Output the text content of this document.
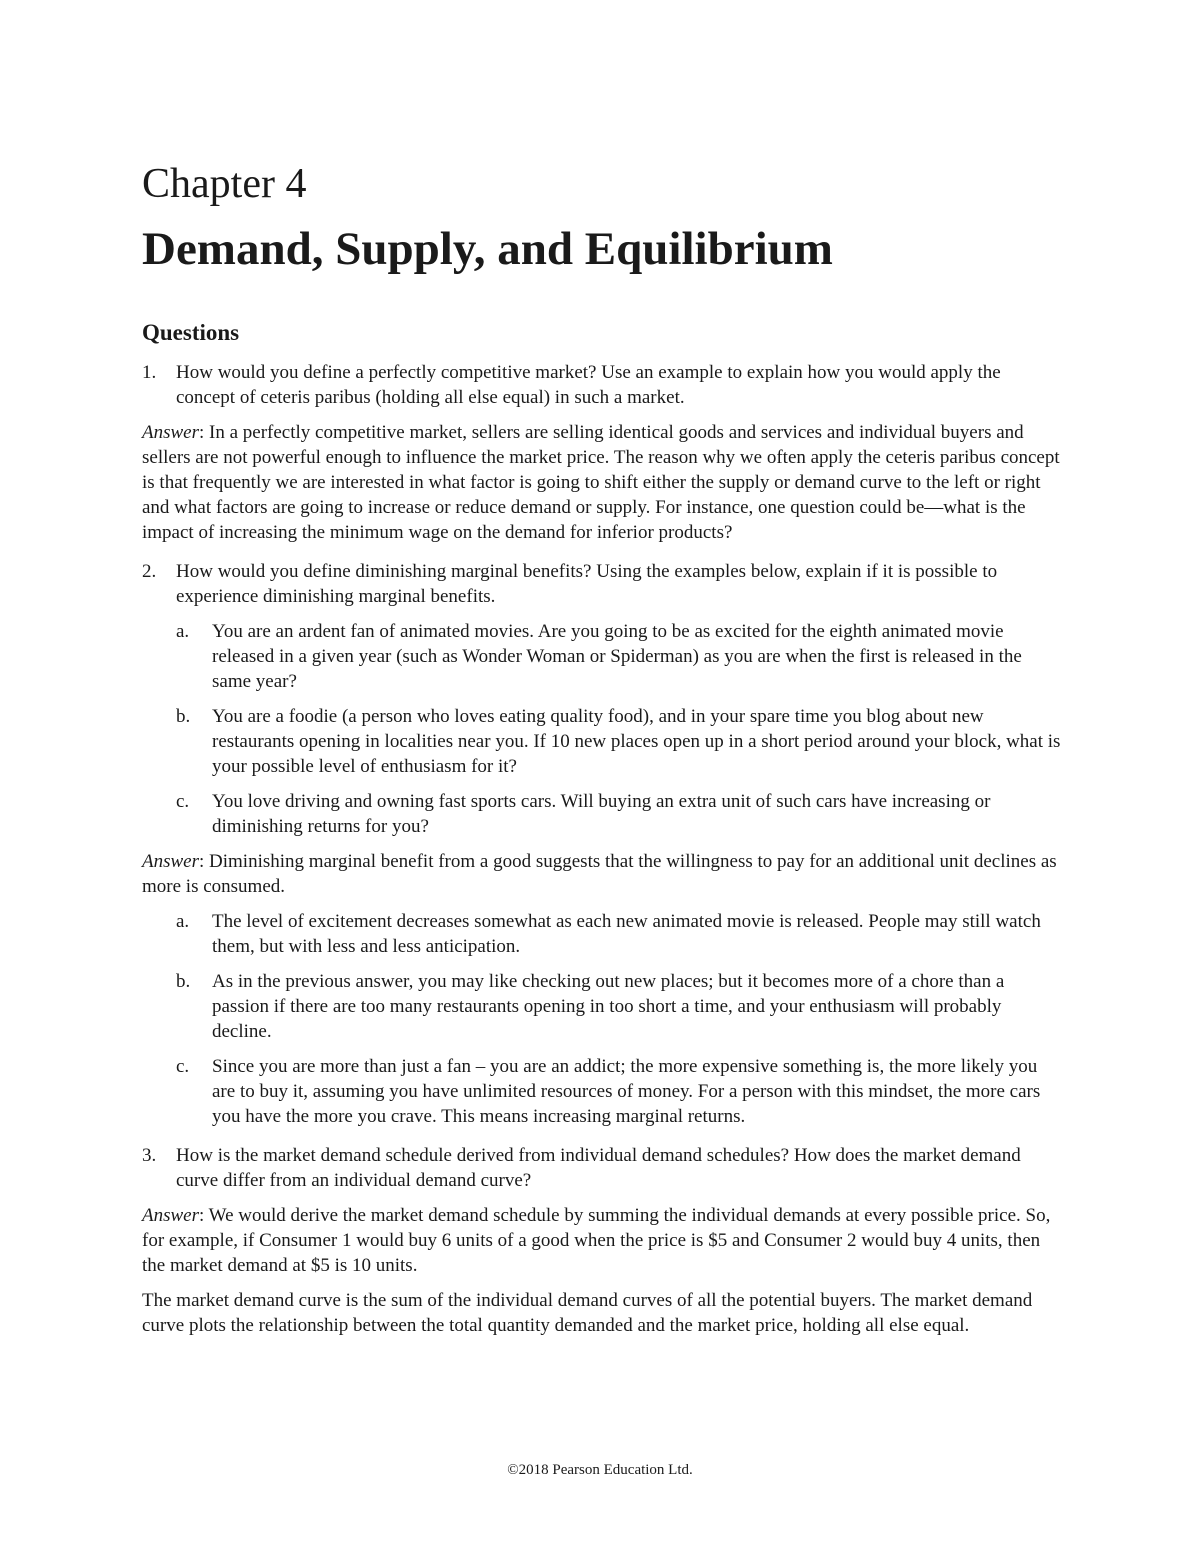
Chapter 4
Demand, Supply, and Equilibrium
Questions
1.	How would you define a perfectly competitive market? Use an example to explain how you would apply the concept of ceteris paribus (holding all else equal) in such a market.
Answer: In a perfectly competitive market, sellers are selling identical goods and services and individual buyers and sellers are not powerful enough to influence the market price. The reason why we often apply the ceteris paribus concept is that frequently we are interested in what factor is going to shift either the supply or demand curve to the left or right and what factors are going to increase or reduce demand or supply. For instance, one question could be—what is the impact of increasing the minimum wage on the demand for inferior products?
2.	How would you define diminishing marginal benefits? Using the examples below, explain if it is possible to experience diminishing marginal benefits.
a.	You are an ardent fan of animated movies. Are you going to be as excited for the eighth animated movie released in a given year (such as Wonder Woman or Spiderman) as you are when the first is released in the same year?
b.	You are a foodie (a person who loves eating quality food), and in your spare time you blog about new restaurants opening in localities near you. If 10 new places open up in a short period around your block, what is your possible level of enthusiasm for it?
c.	You love driving and owning fast sports cars. Will buying an extra unit of such cars have increasing or diminishing returns for you?
Answer: Diminishing marginal benefit from a good suggests that the willingness to pay for an additional unit declines as more is consumed.
a.	The level of excitement decreases somewhat as each new animated movie is released. People may still watch them, but with less and less anticipation.
b.	As in the previous answer, you may like checking out new places; but it becomes more of a chore than a passion if there are too many restaurants opening in too short a time, and your enthusiasm will probably decline.
c.	Since you are more than just a fan – you are an addict; the more expensive something is, the more likely you are to buy it, assuming you have unlimited resources of money. For a person with this mindset, the more cars you have the more you crave. This means increasing marginal returns.
3.	How is the market demand schedule derived from individual demand schedules? How does the market demand curve differ from an individual demand curve?
Answer: We would derive the market demand schedule by summing the individual demands at every possible price. So, for example, if Consumer 1 would buy 6 units of a good when the price is $5 and Consumer 2 would buy 4 units, then the market demand at $5 is 10 units.
The market demand curve is the sum of the individual demand curves of all the potential buyers. The market demand curve plots the relationship between the total quantity demanded and the market price, holding all else equal.
©2018 Pearson Education Ltd.
